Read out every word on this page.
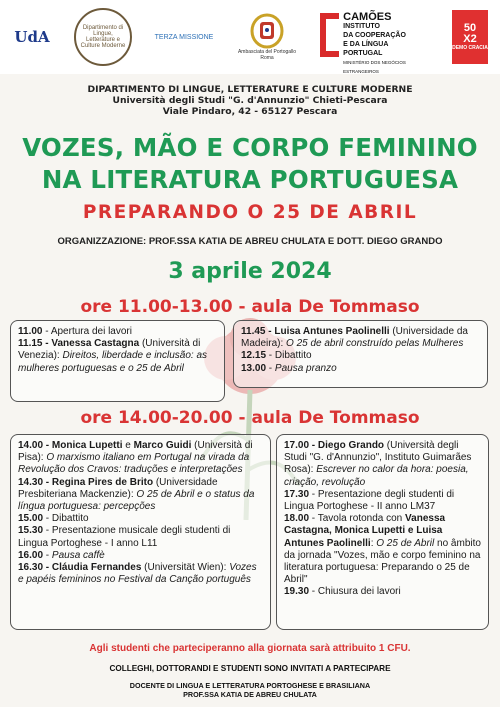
UdA	Dipartimento di Lingue, Letterature e Culture Moderne
TERZA MISSIONE
Ambasciata del Portogallo Roma
CAMÕES
INSTITUTO
DA COOPERAÇÃO
E DA LÍNGUA
PORTUGAL
MINISTÉRIO DOS NEGÓCIOS ESTRANGEIROS
50
X2
DEMO CRACIA

DIPARTIMENTO DI LINGUE, LETTERATURE E CULTURE MODERNE

Università degli Studi "G. d'Annunzio" Chieti-Pescara

Viale Pindaro, 42 - 65127 Pescara

VOZES, MÃO E CORPO FEMININO
NA LITERATURA PORTUGUESA
PREPARANDO O 25 DE ABRIL
ORGANIZZAZIONE: PROF.SSA KATIA DE ABREU CHULATA E DOTT. DIEGO GRANDO
3 aprile 2024
ore 11.00-13.00 - aula De Tommaso

11.00 - Apertura dei lavori

11.15 - Vanessa Castagna (Università di Venezia): Direitos, liberdade e inclusão: as mulheres portuguesas e o 25 de Abril

11.45 - Luisa Antunes Paolinelli (Universidade da Madeira): O 25 de abril construído pelas Mulheres

12.15 - Dibattito

13.00 - Pausa pranzo

ore 14.00-20.00 - aula De Tommaso

14.00 - Monica Lupetti e Marco Guidi (Università di Pisa): O marxismo italiano em Portugal na virada da Revolução dos Cravos: traduções e interpretações

14.30 - Regina Pires de Brito (Universidade Presbiteriana Mackenzie): O 25 de Abril e o status da língua portuguesa: percepções

15.00 - Dibattito

15.30 - Presentazione musicale degli studenti di Lingua Portoghese - I anno L11

16.00 - Pausa caffè

16.30 - Cláudia Fernandes (Universität Wien): Vozes e papéis femininos no Festival da Canção português

17.00 - Diego Grando (Università degli Studi "G. d'Annunzio", Instituto Guimarães Rosa): Escrever no calor da hora: poesia, criação, revolução

17.30 - Presentazione degli studenti di Lingua Portoghese - II anno LM37

18.00 - Tavola rotonda con Vanessa Castagna, Monica Lupetti e Luisa Antunes Paolinelli: O 25 de Abril no âmbito da jornada "Vozes, mão e corpo feminino na literatura portuguesa: Preparando o 25 de Abril"

19.30 - Chiusura dei lavori

Agli studenti che parteciperanno alla giornata sarà attribuito 1 CFU.
COLLEGHI, DOTTORANDI E STUDENTI SONO INVITATI A PARTECIPARE
DOCENTE DI LINGUA E LETTERATURA PORTOGHESE E BRASILIANA
PROF.SSA KATIA DE ABREU CHULATA
